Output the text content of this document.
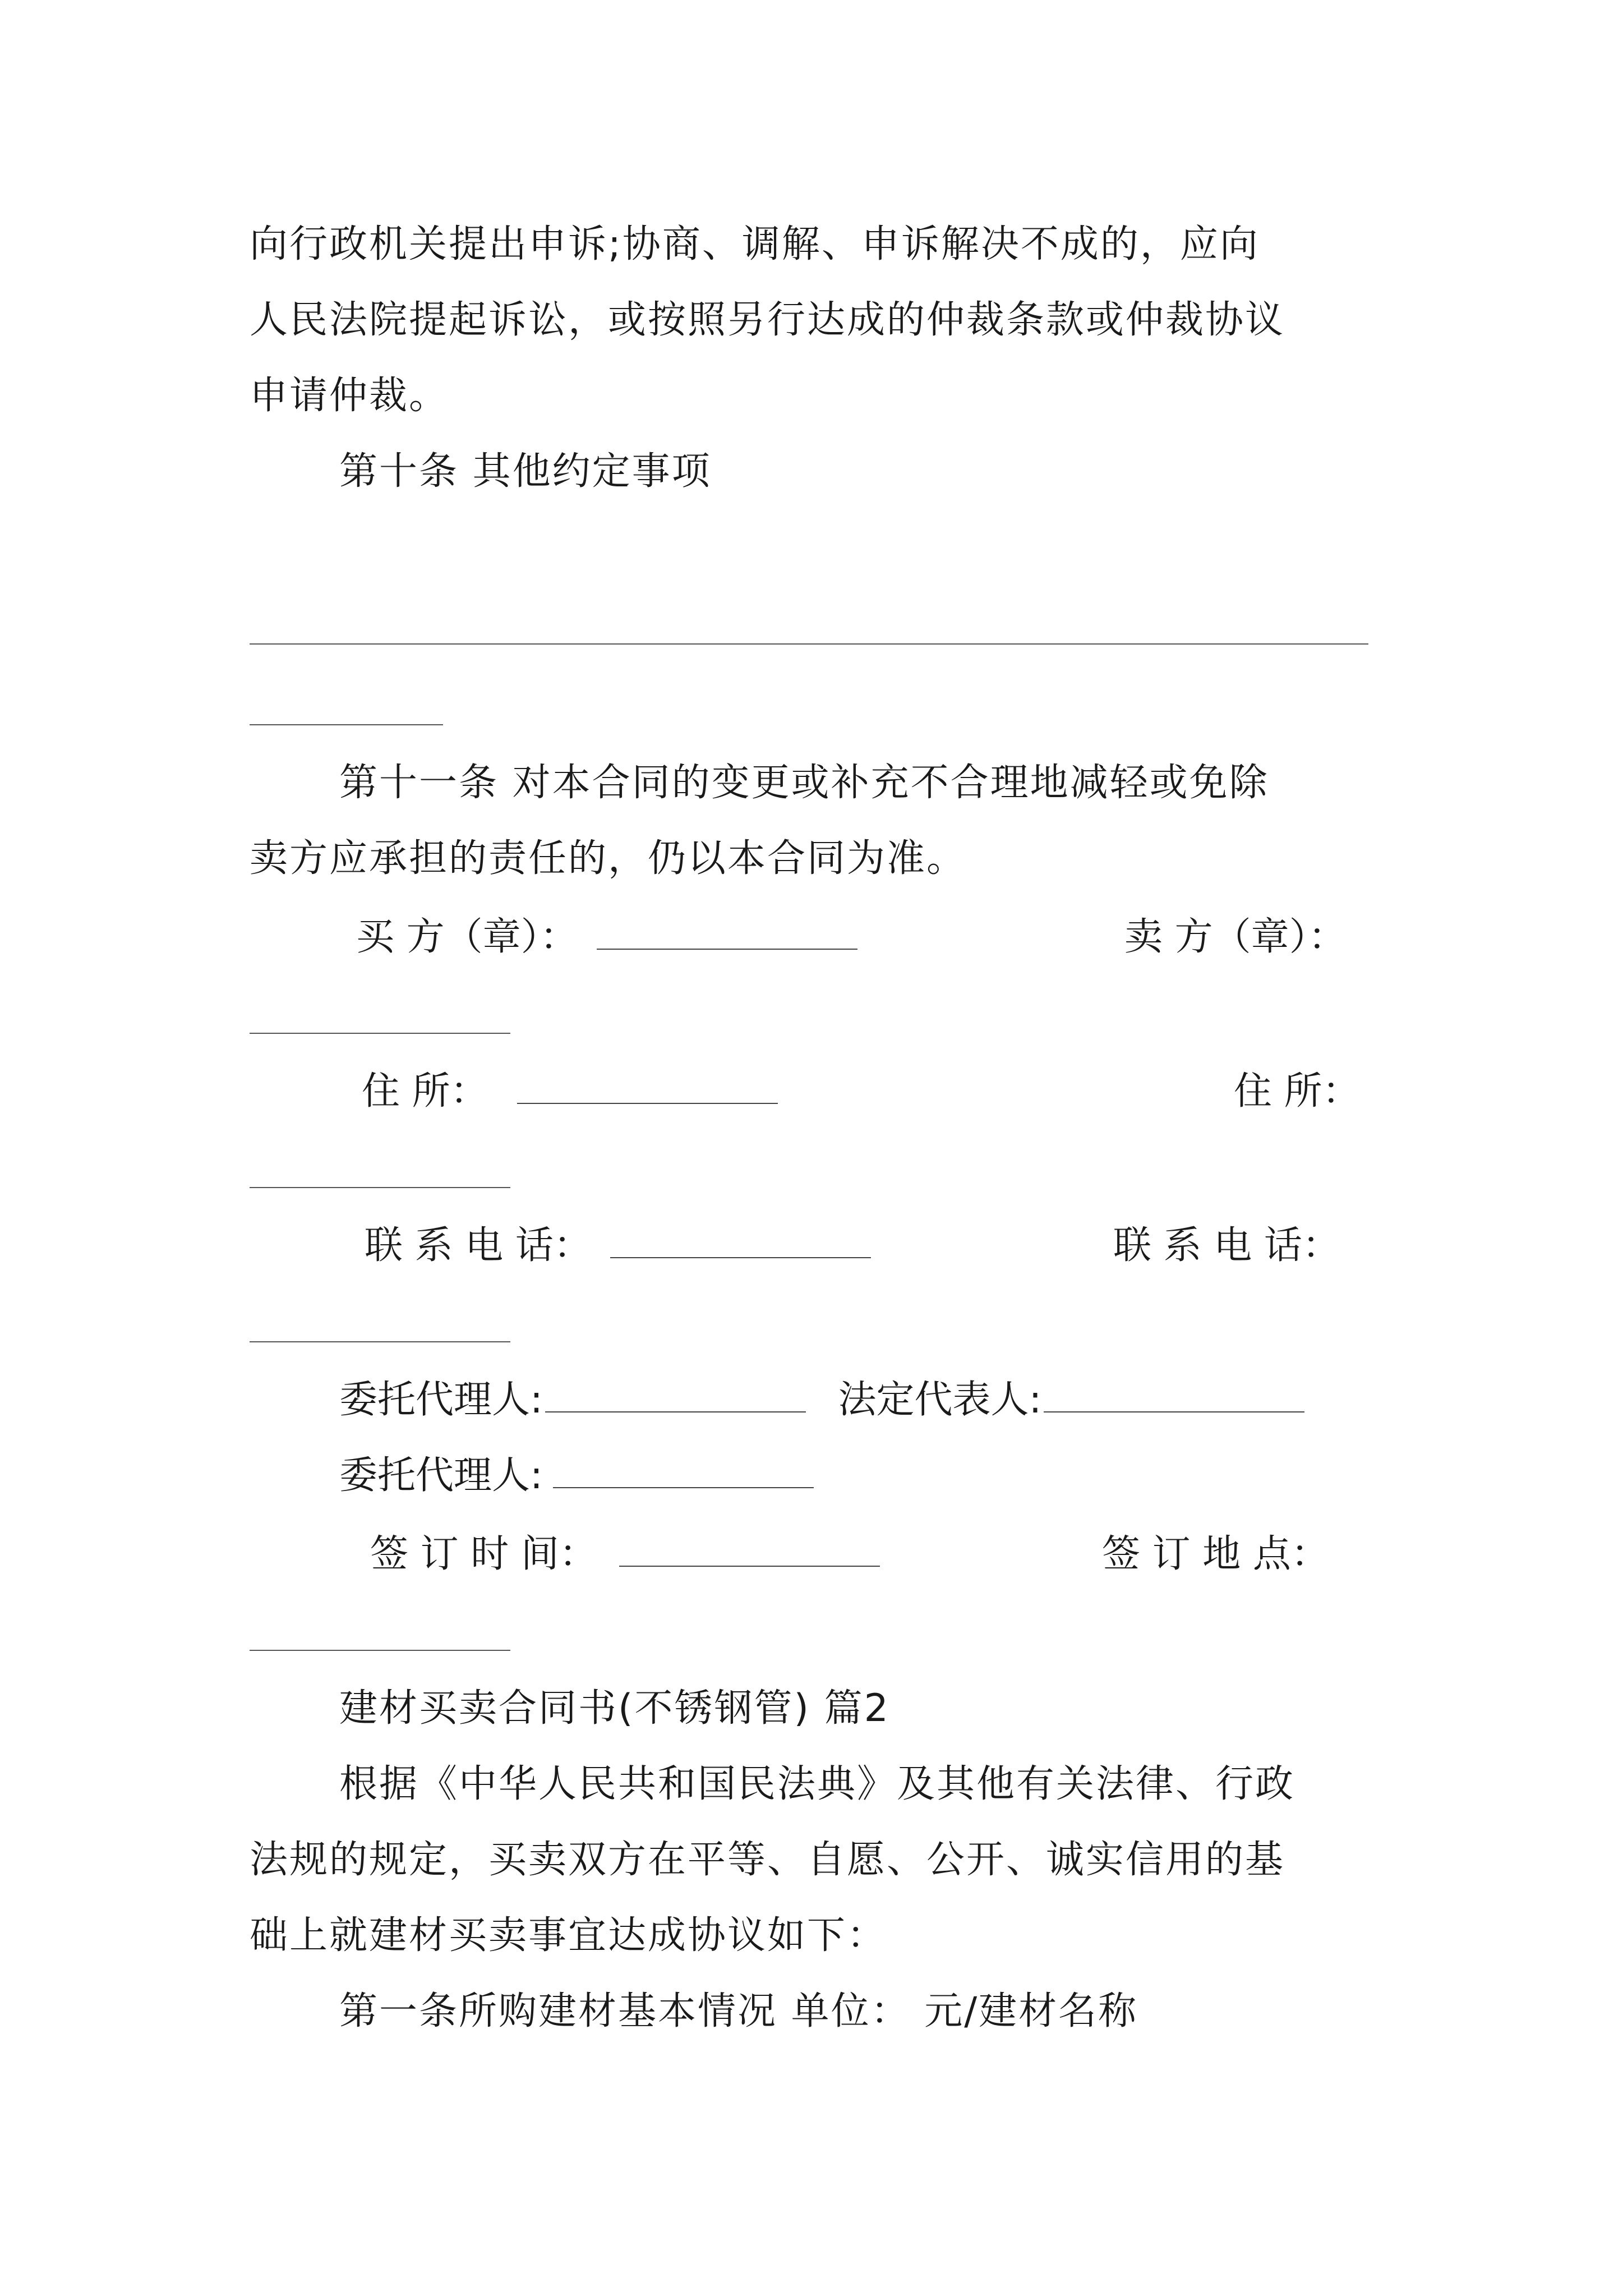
向行政机关提出申诉;协商、调解、申诉解决不成的，应向
人民法院提起诉讼，或按照另行达成的仲裁条款或仲裁协议
申请仲裁。
第十条 其他约定事项
第十一条 对本合同的变更或补充不合理地减轻或免除
卖方应承担的责任的，仍以本合同为准。
买 方（章）：	卖 方（章）：
住 所：	住 所：
联 系 电 话：	联 系 电 话：
委托代理人:	法定代表人:
委托代理人:
签 订 时 间：	签 订 地 点：
建材买卖合同书(不锈钢管) 篇2
根据《中华人民共和国民法典》及其他有关法律、行政
法规的规定，买卖双方在平等、自愿、公开、诚实信用的基
础上就建材买卖事宜达成协议如下：
第一条所购建材基本情况 单位： 元/建材名称
